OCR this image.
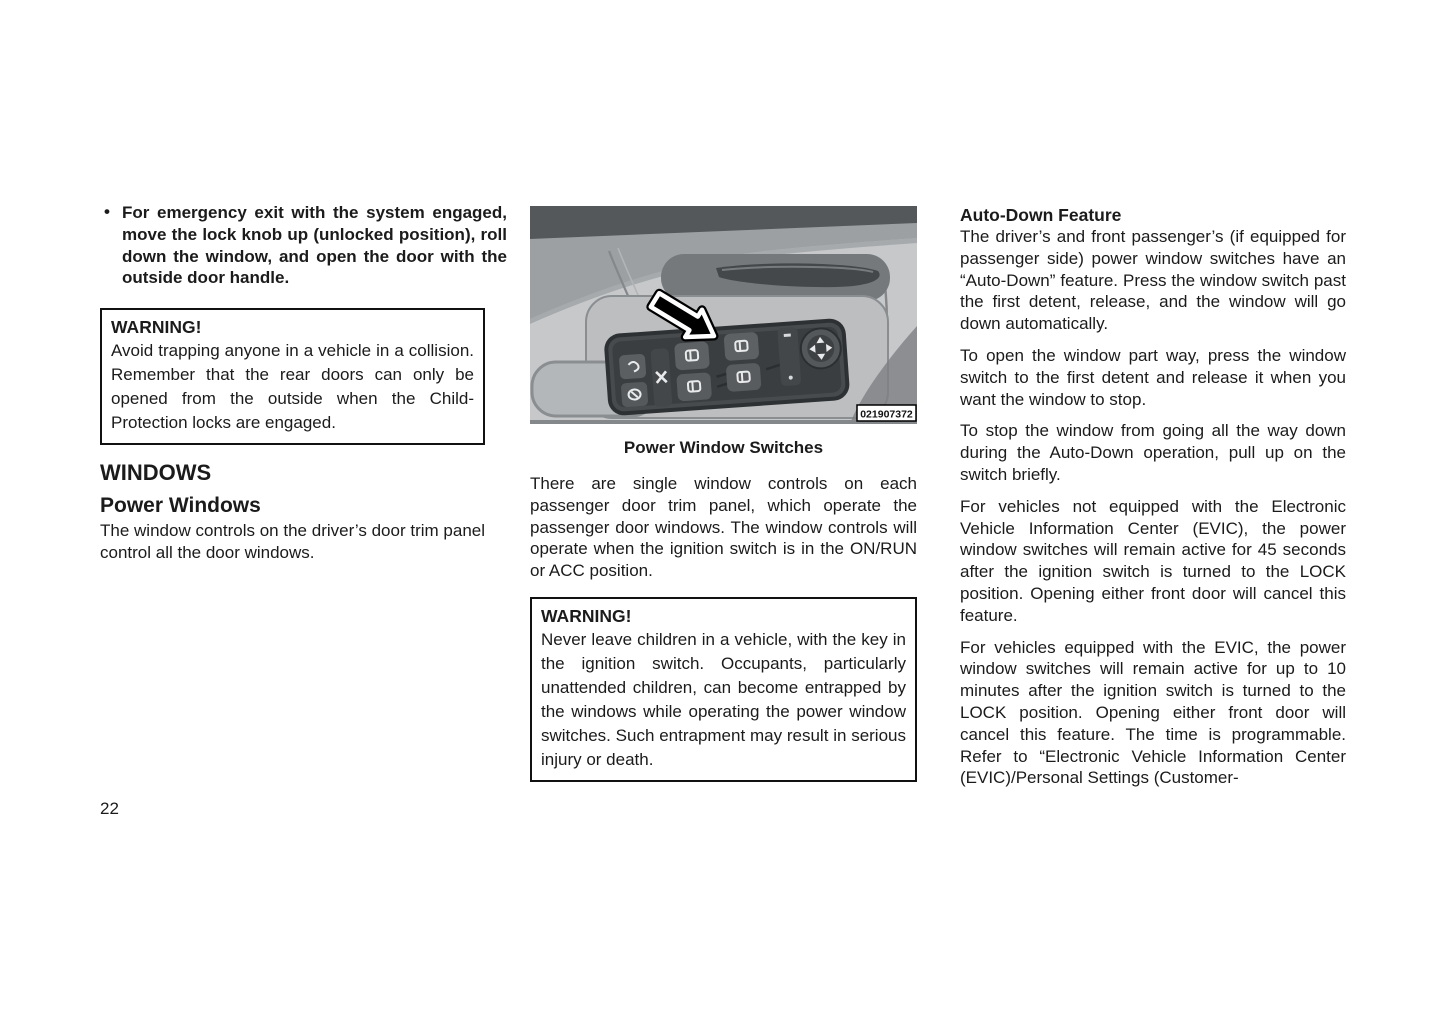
• For emergency exit with the system engaged, move the lock knob up (unlocked position), roll down the window, and open the door with the outside door handle.

WARNING!

Avoid trapping anyone in a vehicle in a collision. Remember that the rear doors can only be opened from the outside when the Child-Protection locks are engaged.

WINDOWS
Power Windows
The window controls on the driver’s door trim panel control all the door windows.
22
021907372
Power Window Switches
There are single window controls on each passenger door trim panel, which operate the passenger door windows. The window controls will operate when the ignition switch is in the ON/RUN or ACC position.

WARNING!

Never leave children in a vehicle, with the key in the ignition switch. Occupants, particularly unattended children, can become entrapped by the windows while operating the power window switches. Such entrapment may result in serious injury or death.

Auto-Down Feature

The driver’s and front passenger’s (if equipped for passenger side) power window switches have an “Auto-Down” feature. Press the window switch past the first detent, release, and the window will go down automatically.

To open the window part way, press the window switch to the first detent and release it when you want the window to stop.

To stop the window from going all the way down during the Auto-Down operation, pull up on the switch briefly.

For vehicles not equipped with the Electronic Vehicle Information Center (EVIC), the power window switches will remain active for 45 seconds after the ignition switch is turned to the LOCK position. Opening either front door will cancel this feature.

For vehicles equipped with the EVIC, the power window switches will remain active for up to 10 minutes after the ignition switch is turned to the LOCK position. Opening either front door will cancel this feature. The time is programmable. Refer to “Electronic Vehicle Information Center (EVIC)/Personal Settings (Customer-
